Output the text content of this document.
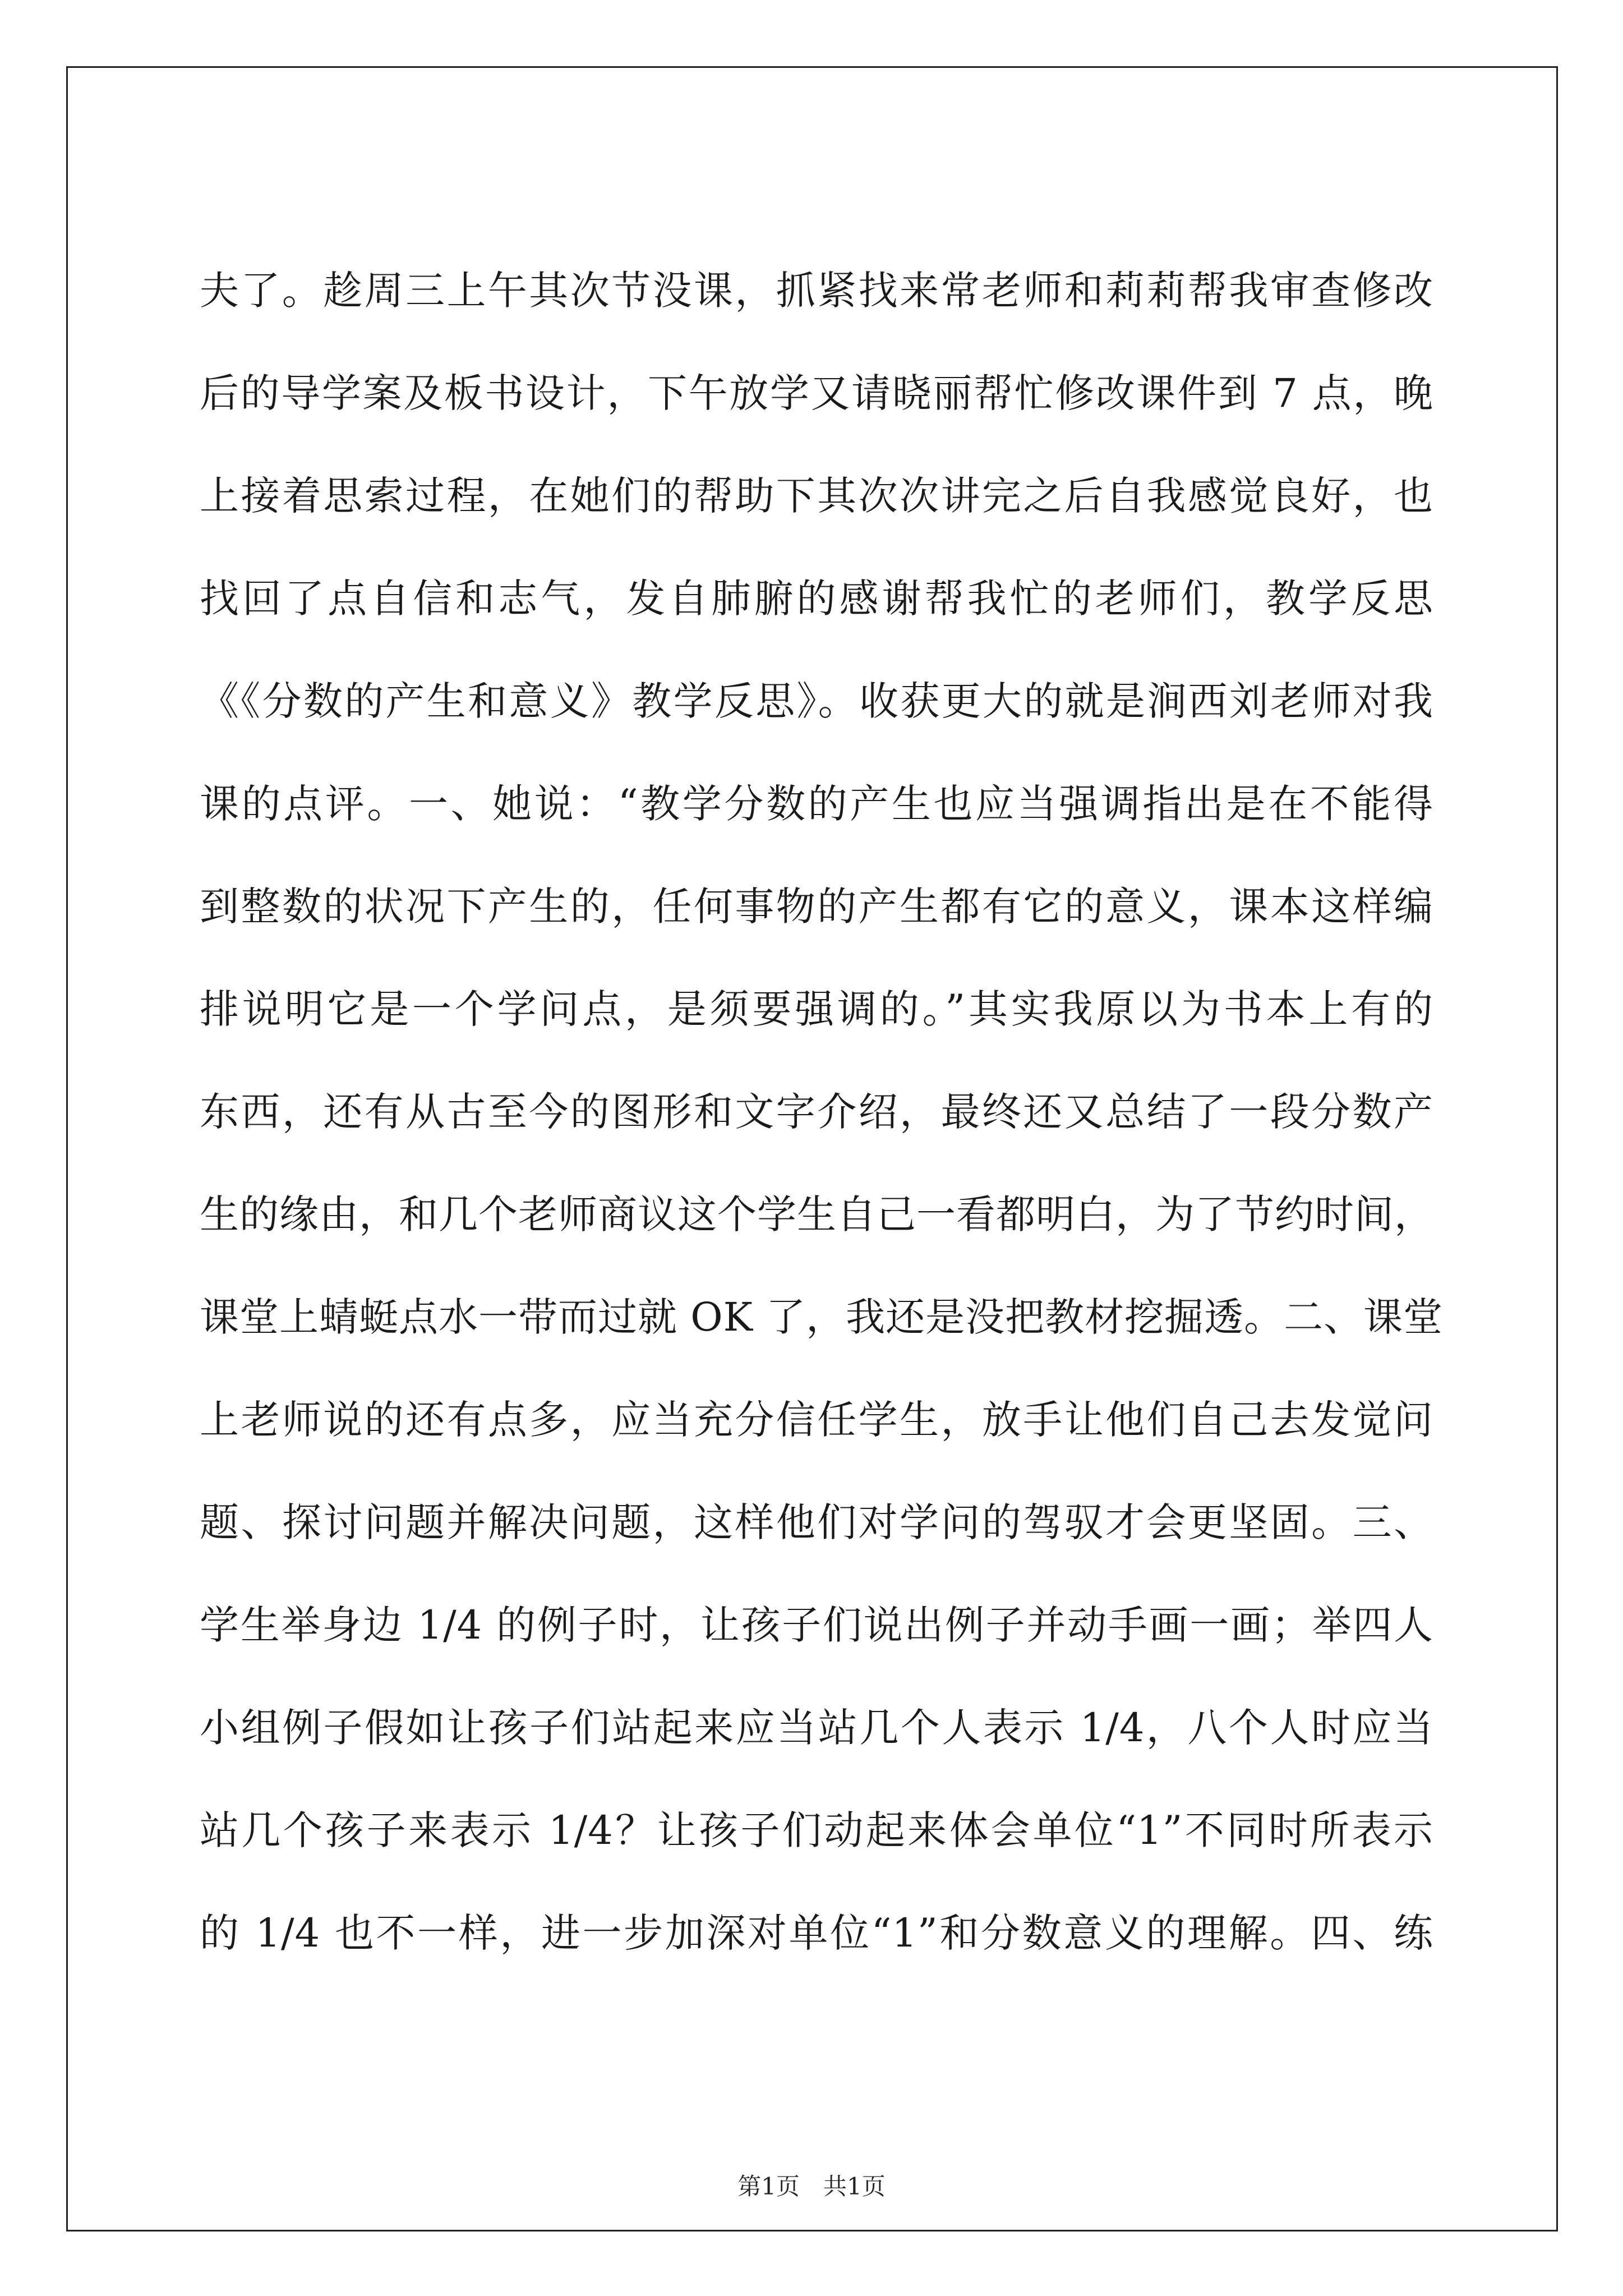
夫了。趁周三上午其次节没课，抓紧找来常老师和莉莉帮我审查修改

后的导学案及板书设计，下午放学又请晓丽帮忙修改课件到 7 点，晚

上接着思索过程，在她们的帮助下其次次讲完之后自我感觉良好，也

找回了点自信和志气，发自肺腑的感谢帮我忙的老师们，教学反思

《《分数的产生和意义》教学反思》。收获更大的就是涧西刘老师对我

课的点评。一、她说：“教学分数的产生也应当强调指出是在不能得

到整数的状况下产生的，任何事物的产生都有它的意义，课本这样编

排说明它是一个学问点，是须要强调的。”其实我原以为书本上有的

东西，还有从古至今的图形和文字介绍，最终还又总结了一段分数产

生的缘由，和几个老师商议这个学生自己一看都明白，为了节约时间，

课堂上蜻蜓点水一带而过就 OK 了，我还是没把教材挖掘透。二、课堂

上老师说的还有点多，应当充分信任学生，放手让他们自己去发觉问

题、探讨问题并解决问题，这样他们对学问的驾驭才会更坚固。三、

学生举身边 1/4 的例子时，让孩子们说出例子并动手画一画；举四人

小组例子假如让孩子们站起来应当站几个人表示 1/4，八个人时应当

站几个孩子来表示 1/4？让孩子们动起来体会单位“1”不同时所表示

的 1/4 也不一样，进一步加深对单位“1”和分数意义的理解。四、练

第1页　共1页
